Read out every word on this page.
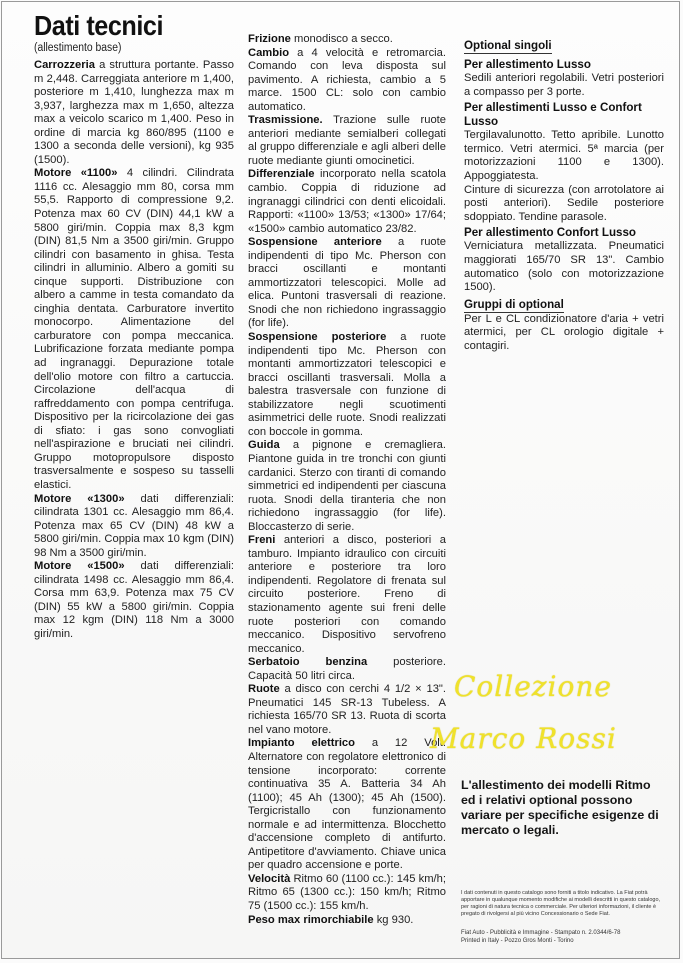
Dati tecnici
(allestimento base)

Carrozzeria a struttura portante. Passo m 2,448. Carreggiata anteriore m 1,400, posteriore m 1,410, lunghezza max m 3,937, larghezza max m 1,650, altezza max a veicolo scarico m 1,400. Peso in ordine di marcia kg 860/895 (1100 e 1300 a seconda delle versioni), kg 935 (1500).

Motore «1100» 4 cilindri. Cilindrata 1116 cc. Alesaggio mm 80, corsa mm 55,5. Rapporto di compressione 9,2. Potenza max 60 CV (DIN) 44,1 kW a 5800 giri/min. Coppia max 8,3 kgm (DIN) 81,5 Nm a 3500 giri/min. Gruppo cilindri con basamento in ghisa. Testa cilindri in alluminio. Albero a gomiti su cinque supporti. Distribuzione con albero a camme in testa comandato da cinghia dentata. Carburatore invertito monocorpo. Alimentazione del carburatore con pompa meccanica. Lubrificazione forzata mediante pompa ad ingranaggi. Depurazione totale dell'olio motore con filtro a cartuccia. Circolazione dell'acqua di raffreddamento con pompa centrifuga. Dispositivo per la ricircolazione dei gas di sfiato: i gas sono convogliati nell'aspirazione e bruciati nei cilindri. Gruppo motopropulsore disposto trasversalmente e sospeso su tasselli elastici.

Motore «1300» dati differenziali: cilindrata 1301 cc. Alesaggio mm 86,4. Potenza max 65 CV (DIN) 48 kW a 5800 giri/min. Coppia max 10 kgm (DIN) 98 Nm a 3500 giri/min.

Motore «1500» dati differenziali: cilindrata 1498 cc. Alesaggio mm 86,4. Corsa mm 63,9. Potenza max 75 CV (DIN) 55 kW a 5800 giri/min. Coppia max 12 kgm (DIN) 118 Nm a 3000 giri/min.

Frizione monodisco a secco.

Cambio a 4 velocità e retromarcia. Comando con leva disposta sul pavimento. A richiesta, cambio a 5 marce. 1500 CL: solo con cambio automatico.

Trasmissione. Trazione sulle ruote anteriori mediante semialberi collegati al gruppo differenziale e agli alberi delle ruote mediante giunti omocinetici.

Differenziale incorporato nella scatola cambio. Coppia di riduzione ad ingranaggi cilindrici con denti elicoidali. Rapporti: «1100» 13/53; «1300» 17/64; «1500» cambio automatico 23/82.

Sospensione anteriore a ruote indipendenti di tipo Mc. Pherson con bracci oscillanti e montanti ammortizzatori telescopici. Molle ad elica. Puntoni trasversali di reazione. Snodi che non richiedono ingrassaggio (for life).

Sospensione posteriore a ruote indipendenti tipo Mc. Pherson con montanti ammortizzatori telescopici e bracci oscillanti trasversali. Molla a balestra trasversale con funzione di stabilizzatore negli scuotimenti asimmetrici delle ruote. Snodi realizzati con boccole in gomma.

Guida a pignone e cremagliera. Piantone guida in tre tronchi con giunti cardanici. Sterzo con tiranti di comando simmetrici ed indipendenti per ciascuna ruota. Snodi della tiranteria che non richiedono ingrassaggio (for life). Bloccasterzo di serie.

Freni anteriori a disco, posteriori a tamburo. Impianto idraulico con circuiti anteriore e posteriore tra loro indipendenti. Regolatore di frenata sul circuito posteriore. Freno di stazionamento agente sui freni delle ruote posteriori con comando meccanico. Dispositivo servofreno meccanico.

Serbatoio benzina posteriore. Capacità 50 litri circa.

Ruote a disco con cerchi 4 1/2 × 13". Pneumatici 145 SR-13 Tubeless. A richiesta 165/70 SR 13. Ruota di scorta nel vano motore.

Impianto elettrico a 12 Volt. Alternatore con regolatore elettronico di tensione incorporato: corrente continuativa 35 A. Batteria 34 Ah (1100); 45 Ah (1300); 45 Ah (1500). Tergicristallo con funzionamento normale e ad intermittenza. Blocchetto d'accensione completo di antifurto. Antipetitore d'avviamento. Chiave unica per quadro accensione e porte.

Velocità Ritmo 60 (1100 cc.): 145 km/h; Ritmo 65 (1300 cc.): 150 km/h; Ritmo 75 (1500 cc.): 155 km/h.

Peso max rimorchiabile kg 930.

Optional singoli
Per allestimento Lusso

Sedili anteriori regolabili. Vetri posteriori a compasso per 3 porte.

Per allestimenti Lusso e Confort Lusso

Tergilavalunotto. Tetto apribile. Lunotto termico. Vetri atermici. 5ª marcia (per motorizzazioni 1100 e 1300). Appoggiatesta.
Cinture di sicurezza (con arrotolatore ai posti anteriori). Sedile posteriore sdoppiato. Tendine parasole.

Per allestimento Confort Lusso

Verniciatura metallizzata. Pneumatici maggiorati 165/70 SR 13". Cambio automatico (solo con motorizzazione 1500).

Gruppi di optional

Per L e CL condizionatore d'aria + vetri atermici, per CL orologio digitale + contagiri.

Collezione
Marco Rossi
L'allestimento dei modelli Ritmo ed i relativi optional possono variare per specifiche esigenze di mercato o legali.
I dati contenuti in questo catalogo sono forniti a titolo indicativo. La Fiat potrà apportare in qualunque momento modifiche ai modelli descritti in questo catalogo, per ragioni di natura tecnica o commerciale. Per ulteriori informazioni, il cliente è pregato di rivolgersi al più vicino Concessionario o Sede Fiat.
Fiat Auto - Pubblicità e Immagine - Stampato n. 2.0344/6-78
Printed in Italy - Pozzo Gros Monti - Torino
